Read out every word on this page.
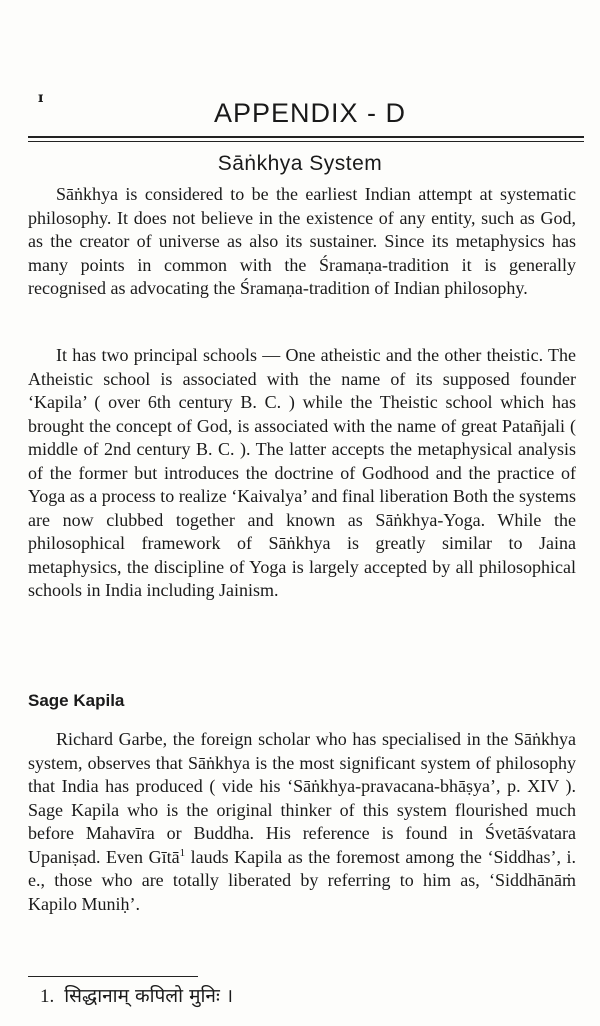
ɪ	APPENDIX - D
Sāṅkhya System

Sāṅkhya is considered to be the earliest Indian attempt at systematic philosophy. It does not believe in the existence of any entity, such as God, as the creator of universe as also its sustainer. Since its metaphysics has many points in common with the Śramaṇa-tradition it is generally recognised as advocating the Śramaṇa-tradition of Indian philosophy.

It has two principal schools — One atheistic and the other theistic. The Atheistic school is associated with the name of its supposed founder ‘Kapila’ ( over 6th century B. C. ) while the Theistic school which has brought the concept of God, is associated with the name of great Patañjali ( middle of 2nd century B. C. ). The latter accepts the metaphysical analysis of the former but introduces the doctrine of Godhood and the practice of Yoga as a process to realize ‘Kaivalya’ and final liberation Both the systems are now clubbed together and known as Sāṅkhya-Yoga. While the philosophical framework of Sāṅkhya is greatly similar to Jaina metaphysics, the discipline of Yoga is largely accepted by all philosophical schools in India including Jainism.

Sage Kapila

Richard Garbe, the foreign scholar who has specialised in the Sāṅkhya system, observes that Sāṅkhya is the most significant system of philosophy that India has produced ( vide his ‘Sāṅkhya-pravacana-bhāṣya’, p. XIV ). Sage Kapila who is the original thinker of this system flourished much before Mahavīra or Buddha. His reference is found in Śvetāśvatara Upaniṣad. Even Gītā$^1$ lauds Kapila as the foremost among the ‘Siddhas’, i. e., those who are totally liberated by referring to him as, ‘Siddhānāṁ Kapilo Muniḥ’.

1. सिद्धानाम् कपिलो मुनिः ।
